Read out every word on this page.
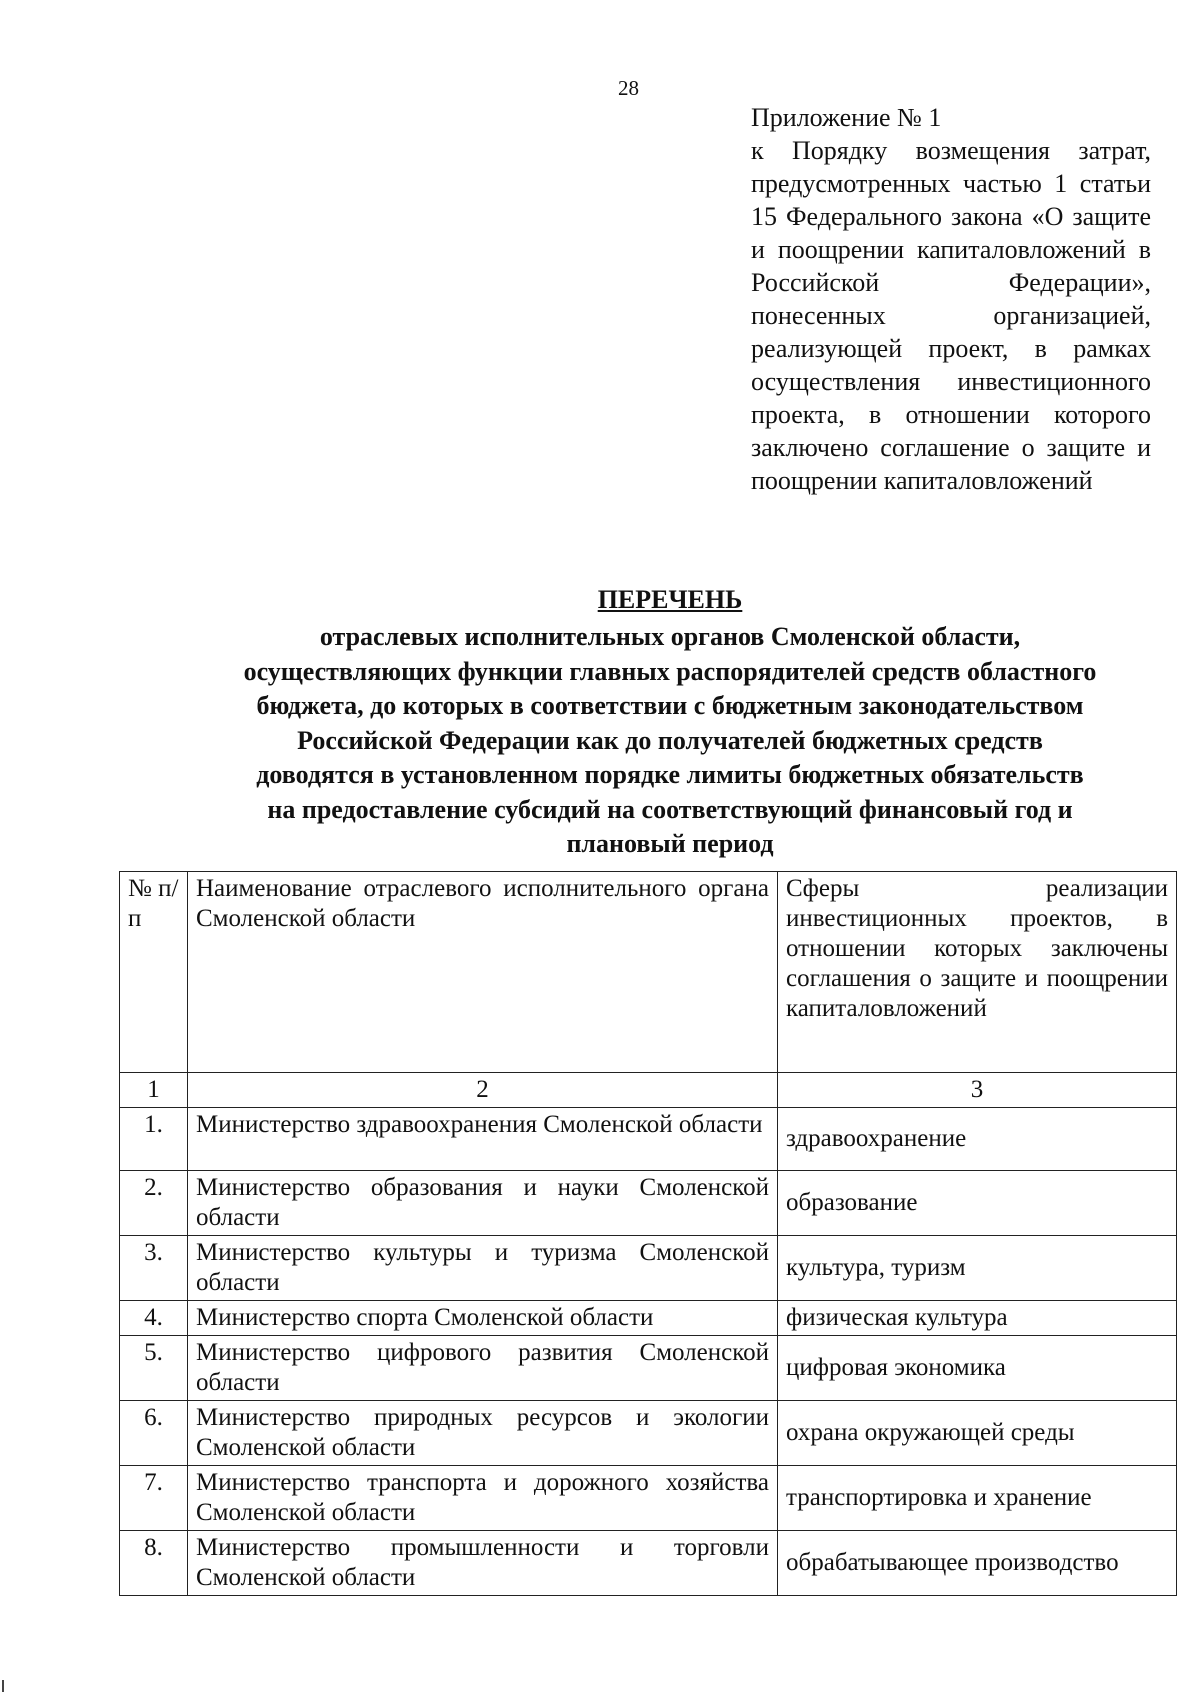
28
Приложение № 1
к Порядку возмещения затрат, предусмотренных частью 1 статьи 15 Федерального закона «О защите и поощрении капиталовложений в Российской Федерации», понесенных организацией, реализующей проект, в рамках осуществления инвестиционного проекта, в отношении которого заключено соглашение о защите и поощрении капиталовложений
ПЕРЕЧЕНЬ
отраслевых исполнительных органов Смоленской области, осуществляющих функции главных распорядителей средств областного бюджета, до которых в соответствии с бюджетным законодательством Российской Федерации как до получателей бюджетных средств доводятся в установленном порядке лимиты бюджетных обязательств на предоставление субсидий на соответствующий финансовый год и плановый период
№ п/п	Наименование отраслевого исполнительного органа Смоленской области	Сферы реализации инвестиционных проектов, в отношении которых заключены соглашения о защите и поощрении капиталовложений

1	2	3
1.	Министерство здравоохранения Смоленской области	здравоохранение
2.	Министерство образования и науки Смоленской области	образование
3.	Министерство культуры и туризма Смоленской области	культура, туризм
4.	Министерство спорта Смоленской области	физическая культура
5.	Министерство цифрового развития Смоленской области	цифровая экономика
6.	Министерство природных ресурсов и экологии Смоленской области	охрана окружающей среды
7.	Министерство транспорта и дорожного хозяйства Смоленской области	транспортировка и хранение
8.	Министерство промышленности и торговли Смоленской области	обрабатывающее производство
